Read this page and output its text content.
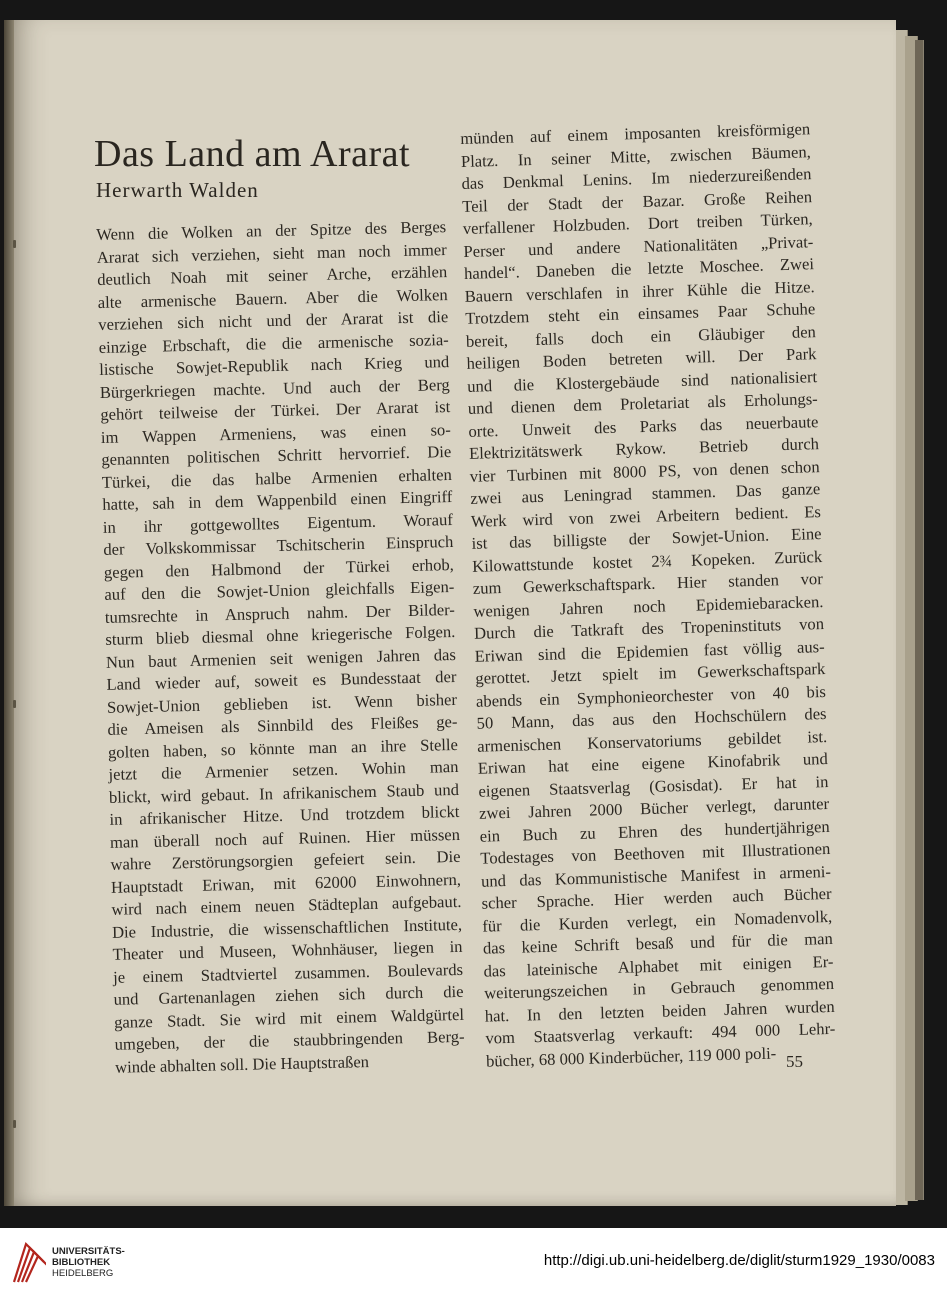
Das Land am Ararat
Herwarth Walden
Wenn die Wolken an der Spitze des Berges
Ararat sich verziehen, sieht man noch immer
deutlich Noah mit seiner Arche, erzählen
alte armenische Bauern. Aber die Wolken
verziehen sich nicht und der Ararat ist die
einzige Erbschaft, die die armenische sozia-
listische Sowjet-Republik nach Krieg und
Bürgerkriegen machte. Und auch der Berg
gehört teilweise der Türkei. Der Ararat ist
im Wappen Armeniens, was einen so-
genannten politischen Schritt hervorrief. Die
Türkei, die das halbe Armenien erhalten
hatte, sah in dem Wappenbild einen Eingriff
in ihr gottgewolltes Eigentum. Worauf
der Volkskommissar Tschitscherin Einspruch
gegen den Halbmond der Türkei erhob,
auf den die Sowjet-Union gleichfalls Eigen-
tumsrechte in Anspruch nahm. Der Bilder-
sturm blieb diesmal ohne kriegerische Folgen.
Nun baut Armenien seit wenigen Jahren das
Land wieder auf, soweit es Bundesstaat der
Sowjet-Union geblieben ist. Wenn bisher
die Ameisen als Sinnbild des Fleißes ge-
golten haben, so könnte man an ihre Stelle
jetzt die Armenier setzen. Wohin man
blickt, wird gebaut. In afrikanischem Staub und
in afrikanischer Hitze. Und trotzdem blickt
man überall noch auf Ruinen. Hier müssen
wahre Zerstörungsorgien gefeiert sein. Die
Hauptstadt Eriwan, mit 62000 Einwohnern,
wird nach einem neuen Städteplan aufgebaut.
Die Industrie, die wissenschaftlichen Institute,
Theater und Museen, Wohnhäuser, liegen in
je einem Stadtviertel zusammen. Boulevards
und Gartenanlagen ziehen sich durch die
ganze Stadt. Sie wird mit einem Waldgürtel
umgeben, der die staubbringenden Berg-
winde abhalten soll. Die Hauptstraßen
münden auf einem imposanten kreisförmigen
Platz. In seiner Mitte, zwischen Bäumen,
das Denkmal Lenins. Im niederzureißenden
Teil der Stadt der Bazar. Große Reihen
verfallener Holzbuden. Dort treiben Türken,
Perser und andere Nationalitäten „Privat-
handel“. Daneben die letzte Moschee. Zwei
Bauern verschlafen in ihrer Kühle die Hitze.
Trotzdem steht ein einsames Paar Schuhe
bereit, falls doch ein Gläubiger den
heiligen Boden betreten will. Der Park
und die Klostergebäude sind nationalisiert
und dienen dem Proletariat als Erholungs-
orte. Unweit des Parks das neuerbaute
Elektrizitätswerk Rykow. Betrieb durch
vier Turbinen mit 8000 PS, von denen schon
zwei aus Leningrad stammen. Das ganze
Werk wird von zwei Arbeitern bedient. Es
ist das billigste der Sowjet-Union. Eine
Kilowattstunde kostet 2¾ Kopeken. Zurück
zum Gewerkschaftspark. Hier standen vor
wenigen Jahren noch Epidemiebaracken.
Durch die Tatkraft des Tropeninstituts von
Eriwan sind die Epidemien fast völlig aus-
gerottet. Jetzt spielt im Gewerkschaftspark
abends ein Symphonieorchester von 40 bis
50 Mann, das aus den Hochschülern des
armenischen Konservatoriums gebildet ist.
Eriwan hat eine eigene Kinofabrik und
eigenen Staatsverlag (Gosisdat). Er hat in
zwei Jahren 2000 Bücher verlegt, darunter
ein Buch zu Ehren des hundertjährigen
Todestages von Beethoven mit Illustrationen
und das Kommunistische Manifest in armeni-
scher Sprache. Hier werden auch Bücher
für die Kurden verlegt, ein Nomadenvolk,
das keine Schrift besaß und für die man
das lateinische Alphabet mit einigen Er-
weiterungszeichen in Gebrauch genommen
hat. In den letzten beiden Jahren wurden
vom Staatsverlag verkauft: 494 000 Lehr-
bücher, 68 000 Kinderbücher, 119 000 poli- 55
UNIVERSITÄTS-
BIBLIOTHEK
HEIDELBERG
http://digi.ub.uni-heidelberg.de/diglit/sturm1929_1930/0083
